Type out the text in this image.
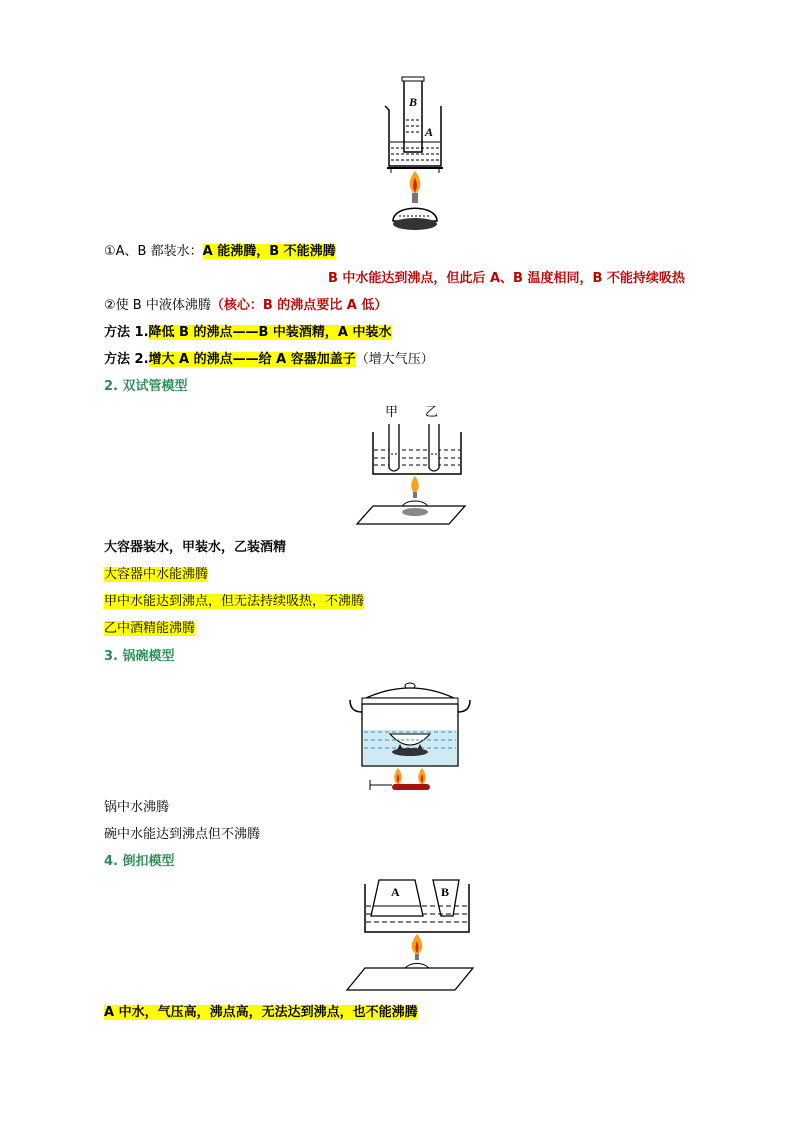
B
A
①A、B 都装水：A 能沸腾，B 不能沸腾
B 中水能达到沸点，但此后 A、B 温度相同，B 不能持续吸热
②使 B 中液体沸腾（核心：B 的沸点要比 A 低）
方法 1.降低 B 的沸点——B 中装酒精，A 中装水
方法 2.增大 A 的沸点——给 A 容器加盖子（增大气压）
2. 双试管模型
甲 乙
大容器装水，甲装水，乙装酒精
大容器中水能沸腾
甲中水能达到沸点，但无法持续吸热，不沸腾
乙中酒精能沸腾
3. 锅碗模型
锅中水沸腾
碗中水能达到沸点但不沸腾
4. 倒扣模型
A	B
A 中水，气压高，沸点高，无法达到沸点，也不能沸腾
